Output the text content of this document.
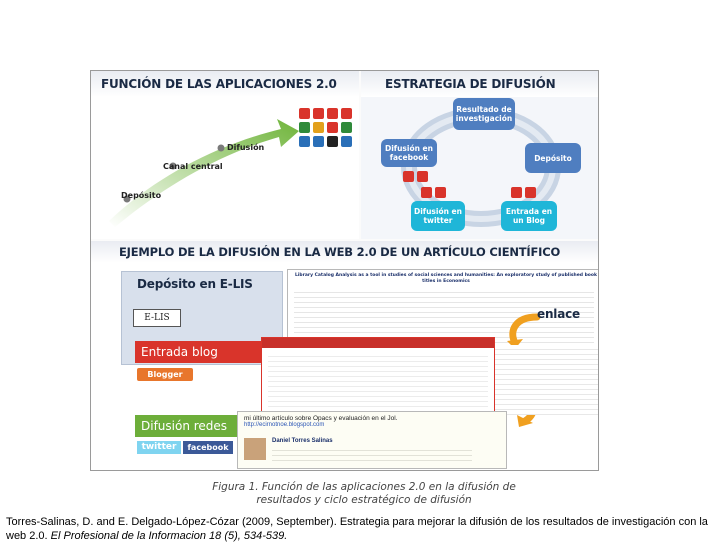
FUNCIÓN DE LAS APLICACIONES 2.0
Depósito
Canal central
Difusión
ESTRATEGIA DE DIFUSIÓN
Resultado de investigación
Depósito
Difusión en facebook
Difusión en twitter
Entrada en un Blog
EJEMPLO DE LA DIFUSIÓN EN LA WEB 2.0 DE UN ARTÍCULO CIENTÍFICO
Depósito en E-LIS
E-LIS
Library Catalog Analysis as a tool in studies of social sciences and humanities: An exploratory study of published book titles in Economics
Entrada blog
Blogger
enlace
Difusión redes
twitter	facebook
mi último artículo sobre Opacs y evaluación en el Jol.
http://ecirnotnoe.blogspot.com
Daniel Torres Salinas
Figura 1. Función de las aplicaciones 2.0 en la difusión de resultados y ciclo estratégico de difusión
Torres-Salinas, D. and E. Delgado-López-Cózar (2009, September). Estrategia para mejorar la difusión de los resultados de investigación con la web 2.0. El Profesional de la Informacion 18 (5), 534-539.
